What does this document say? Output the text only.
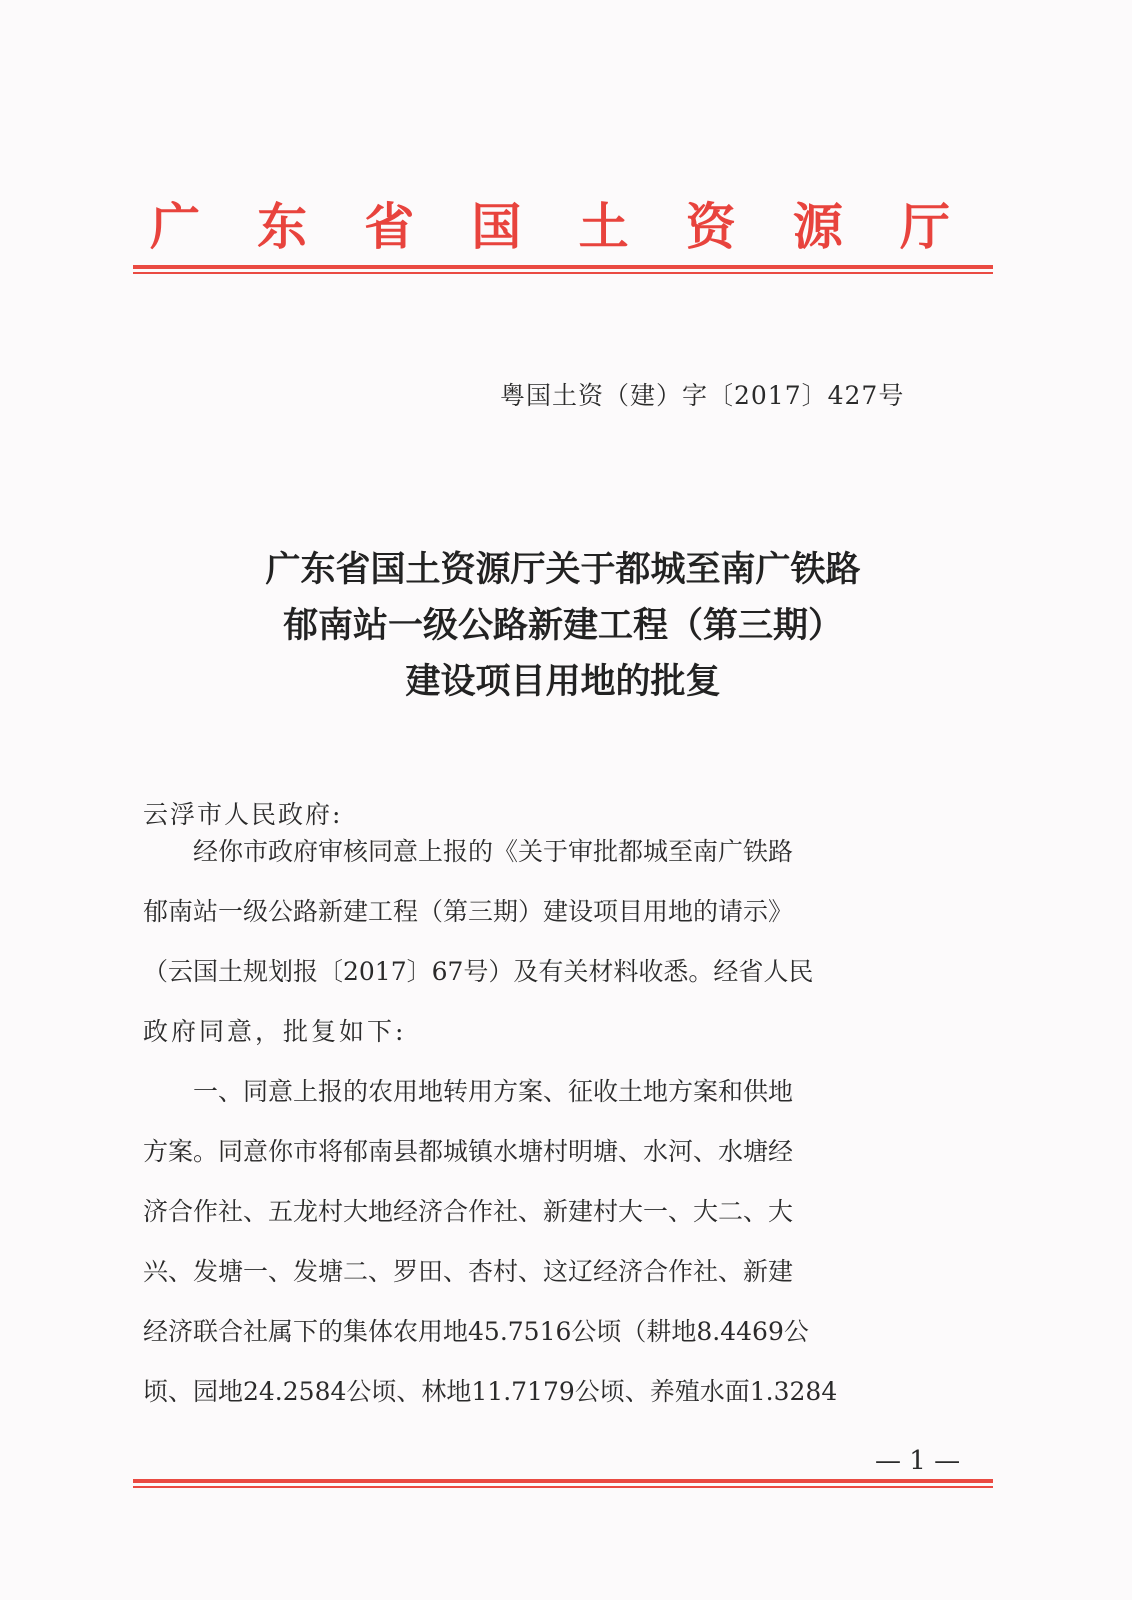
广 东 省 国 土 资 源 厅
粤国土资（建）字〔2017〕427号
广东省国土资源厅关于都城至南广铁路
郁南站一级公路新建工程（第三期）
建设项目用地的批复
云浮市人民政府:
　　经你市政府审核同意上报的《关于审批都城至南广铁路
郁南站一级公路新建工程（第三期）建设项目用地的请示》
（云国土规划报〔2017〕67号）及有关材料收悉。经省人民
政府同意，批复如下:
　　一、同意上报的农用地转用方案、征收土地方案和供地
方案。同意你市将郁南县都城镇水塘村明塘、水河、水塘经
济合作社、五龙村大地经济合作社、新建村大一、大二、大
兴、发塘一、发塘二、罗田、杏村、这辽经济合作社、新建
经济联合社属下的集体农用地45.7516公顷（耕地8.4469公
顷、园地24.2584公顷、林地11.7179公顷、养殖水面1.3284
— 1 —
